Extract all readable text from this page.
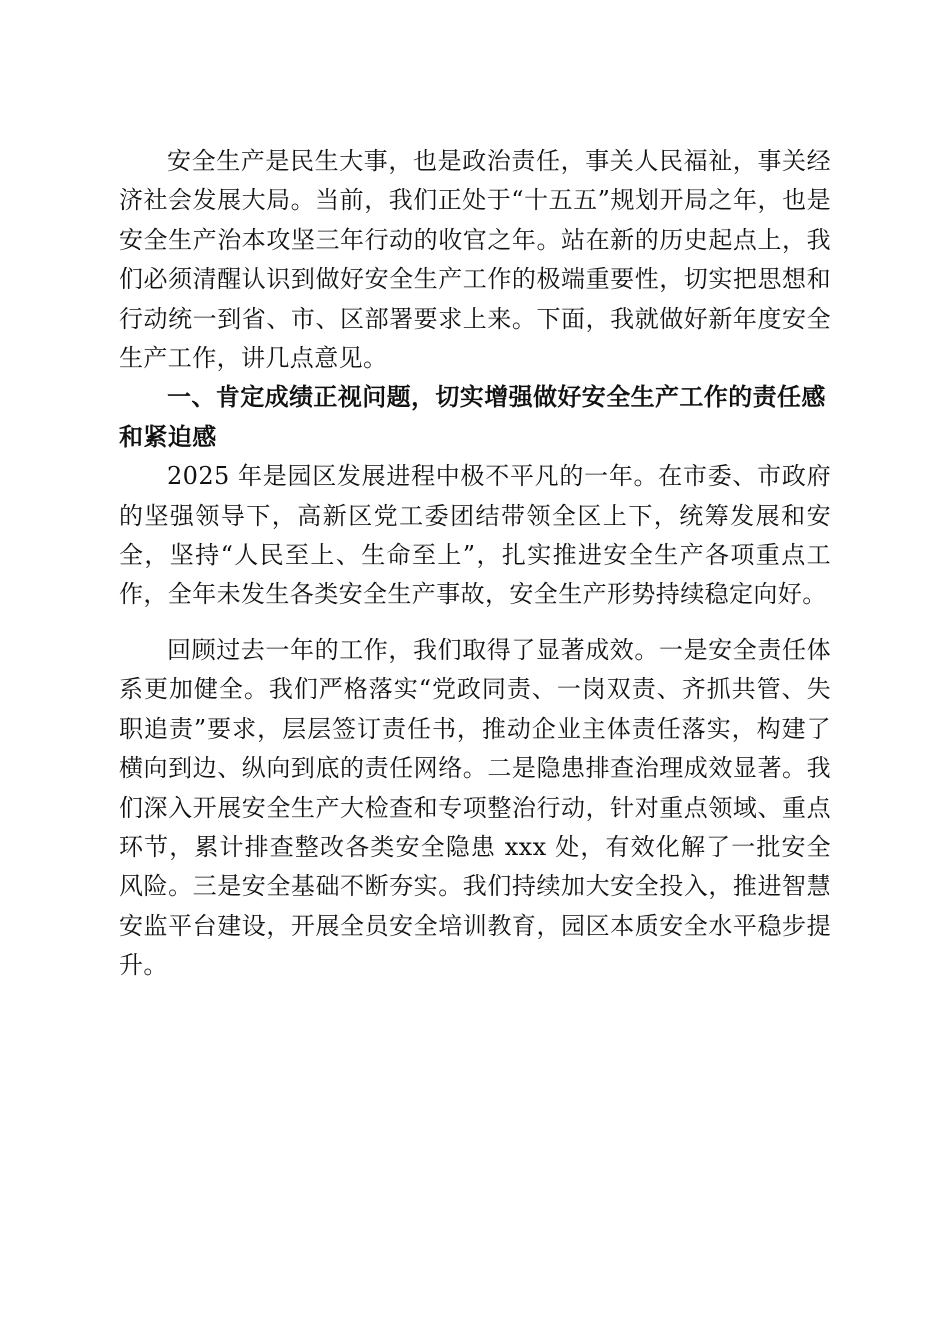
安全生产是民生大事，也是政治责任，事关人民福祉，事关经济社会发展大局。当前，我们正处于“十五五”规划开局之年，也是安全生产治本攻坚三年行动的收官之年。站在新的历史起点上，我们必须清醒认识到做好安全生产工作的极端重要性，切实把思想和行动统一到省、市、区部署要求上来。下面，我就做好新年度安全生产工作，讲几点意见。

一、肯定成绩正视问题，切实增强做好安全生产工作的责任感和紧迫感

2025 年是园区发展进程中极不平凡的一年。在市委、市政府的坚强领导下，高新区党工委团结带领全区上下，统筹发展和安全，坚持“人民至上、生命至上”，扎实推进安全生产各项重点工作，全年未发生各类安全生产事故，安全生产形势持续稳定向好。

回顾过去一年的工作，我们取得了显著成效。一是安全责任体系更加健全。我们严格落实“党政同责、一岗双责、齐抓共管、失职追责”要求，层层签订责任书，推动企业主体责任落实，构建了横向到边、纵向到底的责任网络。二是隐患排查治理成效显著。我们深入开展安全生产大检查和专项整治行动，针对重点领域、重点环节，累计排查整改各类安全隐患 xxx 处，有效化解了一批安全风险。三是安全基础不断夯实。我们持续加大安全投入，推进智慧安监平台建设，开展全员安全培训教育，园区本质安全水平稳步提升。
